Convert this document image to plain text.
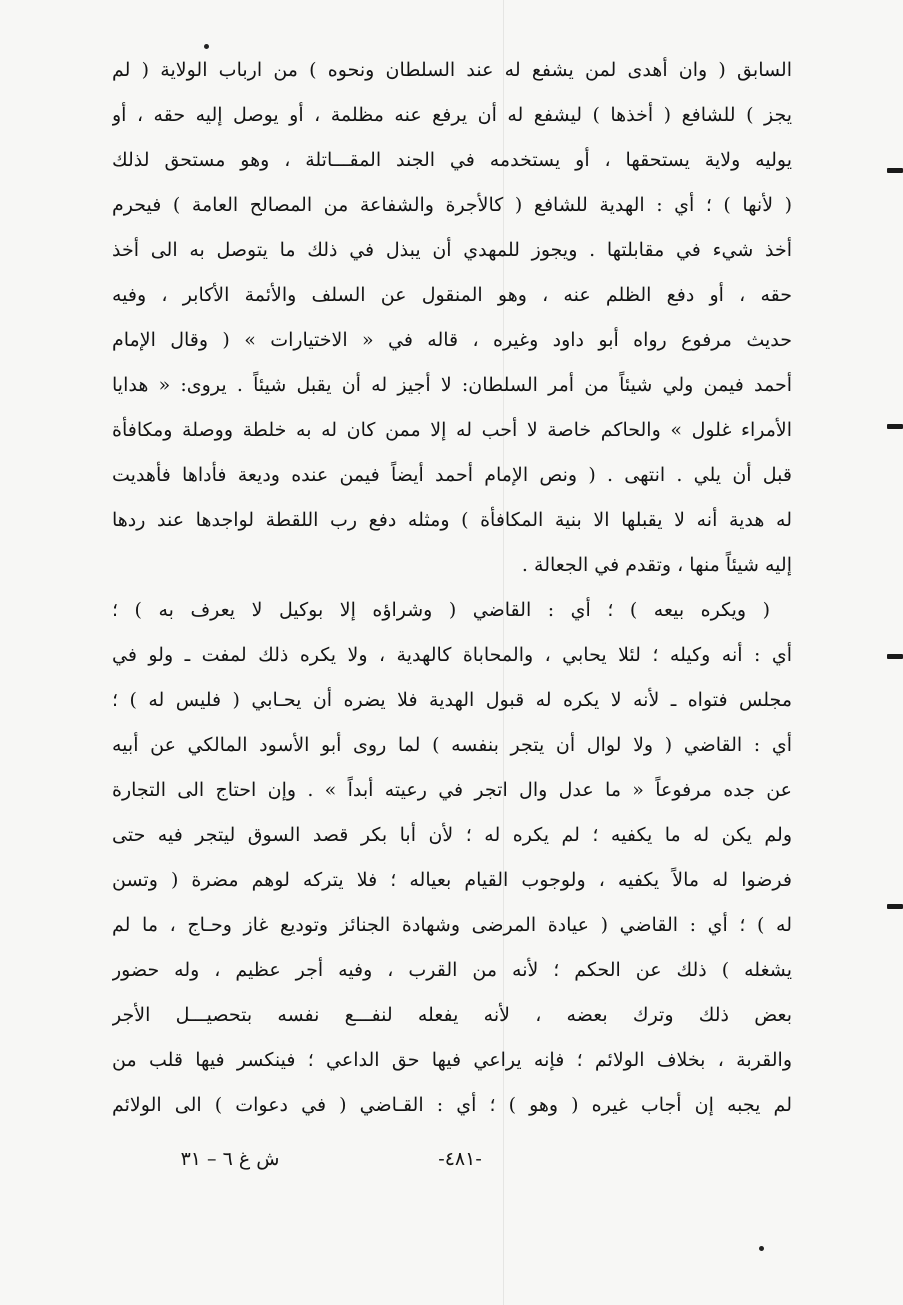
السابق ( وان أهدى لمن يشفع له عند السلطان ونحوه ) من ارباب الولاية ( لم
يجز ) للشافع ( أخذها ) ليشفع له أن يرفع عنه مظلمة ، أو يوصل إليه حقه ، أو
يوليه ولاية يستحقها ، أو يستخدمه في الجند المقـــاتلة ، وهو مستحق لذلك
( لأنها ) ؛ أي : الهدية للشافع ( كالأجرة والشفاعة من المصالح العامة ) فيحرم
أخذ شيء في مقابلتها . ويجوز للمهدي أن يبذل في ذلك ما يتوصل به الى أخذ
حقه ، أو دفع الظلم عنه ، وهو المنقول عن السلف والأئمة الأكابر ، وفيه
حديث مرفوع رواه أبو داود وغيره ، قاله في « الاختيارات » ( وقال الإمام
أحمد فيمن ولي شيئاً من أمر السلطان: لا أجيز له أن يقبل شيئاً . يروى: « هدايا
الأمراء غلول » والحاكم خاصة لا أحب له إلا ممن كان له به خلطة ووصلة ومكافأة
قبل أن يلي . انتهى . ( ونص الإمام أحمد أيضاً فيمن عنده وديعة فأداها فأهديت
له هدية أنه لا يقبلها الا بنية المكافأة ) ومثله دفع رب اللقطة لواجدها عند ردها
إليه شيئاً منها ، وتقدم في الجعالة .
( ويكره بيعه ) ؛ أي : القاضي ( وشراؤه إلا بوكيل لا يعرف به ) ؛
أي : أنه وكيله ؛ لئلا يحابي ، والمحاباة كالهدية ، ولا يكره ذلك لمفت ـ ولو في
مجلس فتواه ـ لأنه لا يكره له قبول الهدية فلا يضره أن يحـابي ( فليس له ) ؛
أي : القاضي ( ولا لوال أن يتجر بنفسه ) لما روى أبو الأسود المالكي عن أبيه
عن جده مرفوعاً « ما عدل وال اتجر في رعيته أبداً » . وإن احتاج الى التجارة
ولم يكن له ما يكفيه ؛ لم يكره له ؛ لأن أبا بكر قصد السوق ليتجر فيه حتى
فرضوا له مالاً يكفيه ، ولوجوب القيام بعياله ؛ فلا يتركه لوهم مضرة ( وتسن
له ) ؛ أي : القاضي ( عيادة المرضى وشهادة الجنائز وتوديع غاز وحـاج ، ما لم
يشغله ) ذلك عن الحكم ؛ لأنه من القرب ، وفيه أجر عظيم ، وله حضور
بعض ذلك وترك بعضه ، لأنه يفعله لنفـــع نفسه بتحصيـــل الأجر
والقربة ، بخلاف الولائم ؛ فإنه يراعي فيها حق الداعي ؛ فينكسر فيها قلب من
لم يجبه إن أجاب غيره ( وهو ) ؛ أي : القـاضي ( في دعوات ) الى الولائم
-٤٨١-
ش غ ٦ – ٣١
